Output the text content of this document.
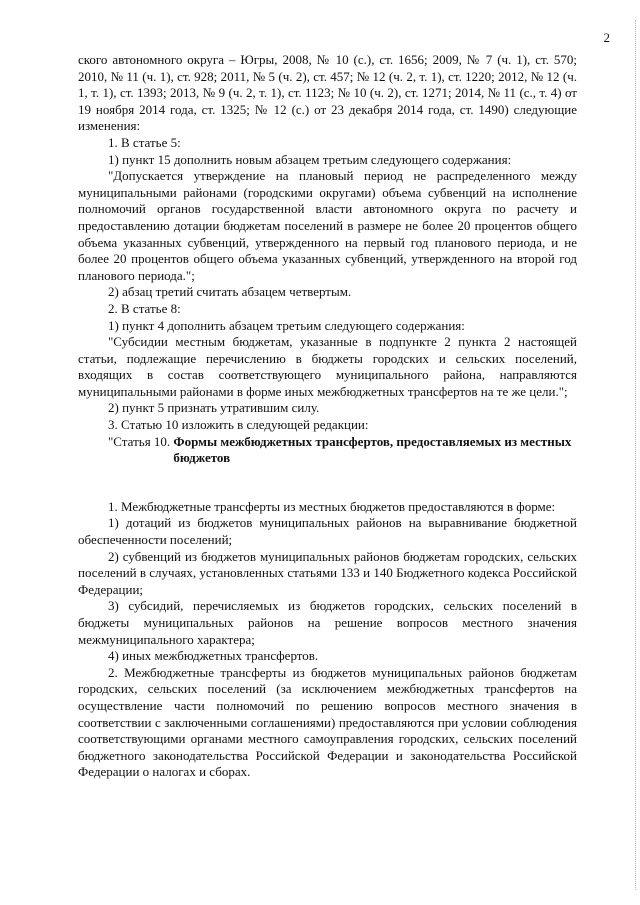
2

ского автономного округа – Югры, 2008, № 10 (с.), ст. 1656; 2009, № 7 (ч. 1), ст. 570; 2010, № 11 (ч. 1), ст. 928; 2011, № 5 (ч. 2), ст. 457; № 12 (ч. 2, т. 1), ст. 1220; 2012, № 12 (ч. 1, т. 1), ст. 1393; 2013, № 9 (ч. 2, т. 1), ст. 1123; № 10 (ч. 2), ст. 1271; 2014, № 11 (с., т. 4) от 19 ноября 2014 года, ст. 1325; № 12 (с.) от 23 декабря 2014 года, ст. 1490) следующие изменения:

1. В статье 5:

1) пункт 15 дополнить новым абзацем третьим следующего содержания:

"Допускается утверждение на плановый период не распределенного между муниципальными районами (городскими округами) объема субвенций на исполнение полномочий органов государственной власти автономного округа по расчету и предоставлению дотации бюджетам поселений в размере не более 20 процентов общего объема указанных субвенций, утвержденного на первый год планового периода, и не более 20 процентов общего объема указанных субвенций, утвержденного на второй год планового периода.";

2) абзац третий считать абзацем четвертым.

2. В статье 8:

1) пункт 4 дополнить абзацем третьим следующего содержания:

"Субсидии местным бюджетам, указанные в подпункте 2 пункта 2 настоящей статьи, подлежащие перечислению в бюджеты городских и сельских поселений, входящих в состав соответствующего муниципального района, направляются муниципальными районами в форме иных межбюджетных трансфертов на те же цели.";

2) пункт 5 признать утратившим силу.

3. Статью 10 изложить в следующей редакции:

"Статья 10. Формы межбюджетных трансфертов, предоставляемых из местных бюджетов

1. Межбюджетные трансферты из местных бюджетов предоставляются в форме:

1) дотаций из бюджетов муниципальных районов на выравнивание бюджетной обеспеченности поселений;

2) субвенций из бюджетов муниципальных районов бюджетам городских, сельских поселений в случаях, установленных статьями 133 и 140 Бюджетного кодекса Российской Федерации;

3) субсидий, перечисляемых из бюджетов городских, сельских поселений в бюджеты муниципальных районов на решение вопросов местного значения межмуниципального характера;

4) иных межбюджетных трансфертов.

2. Межбюджетные трансферты из бюджетов муниципальных районов бюджетам городских, сельских поселений (за исключением межбюджетных трансфертов на осуществление части полномочий по решению вопросов местного значения в соответствии с заключенными соглашениями) предоставляются при условии соблюдения соответствующими органами местного самоуправления городских, сельских поселений бюджетного законодательства Российской Федерации и законодательства Российской Федерации о налогах и сборах.
